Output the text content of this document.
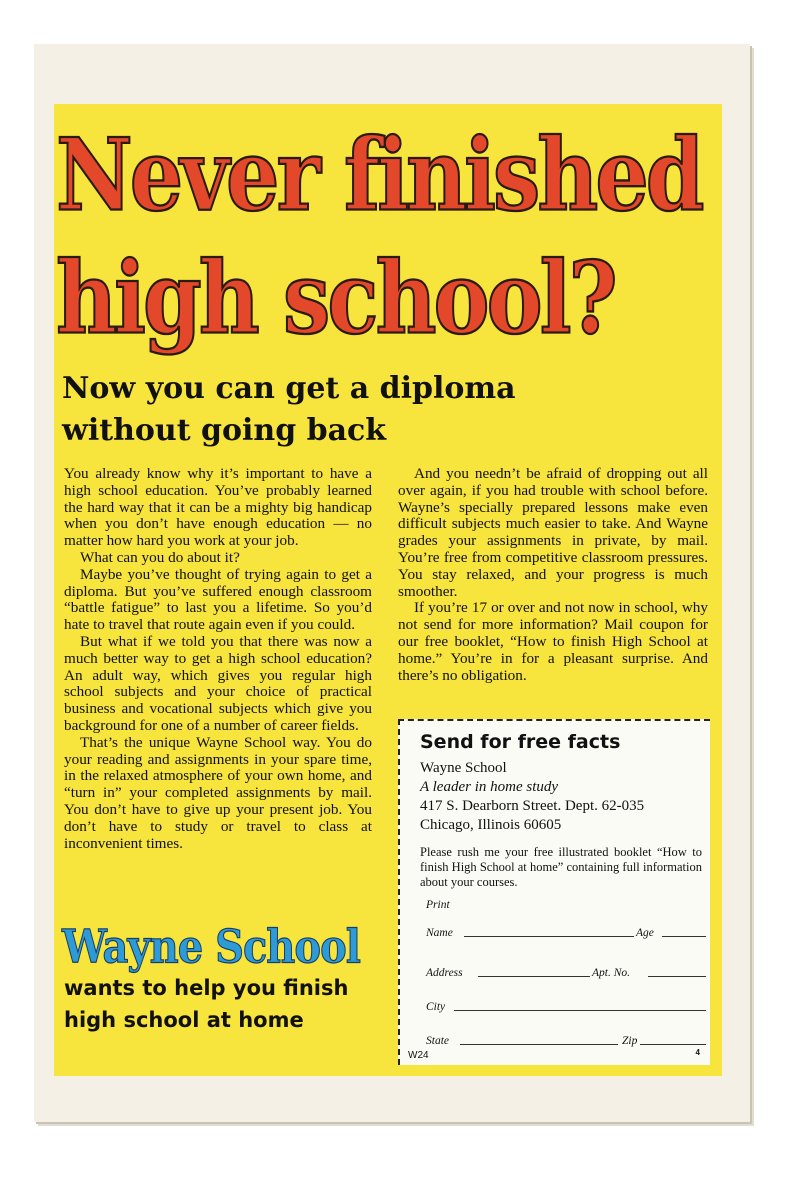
Never finished
high school?
Now you can get a diploma
without going back

You already know why it’s important to have a high school education. You’ve probably learned the hard way that it can be a mighty big handicap when you don’t have enough education — no matter how hard you work at your job.

What can you do about it?

Maybe you’ve thought of trying again to get a diploma. But you’ve suffered enough classroom “battle fatigue” to last you a lifetime. So you’d hate to travel that route again even if you could.

But what if we told you that there was now a much better way to get a high school education? An adult way, which gives you regular high school subjects and your choice of practical business and vocational subjects which give you background for one of a number of career fields.

That’s the unique Wayne School way. You do your reading and assignments in your spare time, in the relaxed atmosphere of your own home, and “turn in” your completed assignments by mail. You don’t have to give up your present job. You don’t have to study or travel to class at inconvenient times.

And you needn’t be afraid of dropping out all over again, if you had trouble with school before. Wayne’s specially prepared lessons make even difficult subjects much easier to take. And Wayne grades your assignments in private, by mail. You’re free from competitive classroom pressures. You stay relaxed, and your progress is much smoother.

If you’re 17 or over and not now in school, why not send for more information? Mail coupon for our free booklet, “How to finish High School at home.” You’re in for a pleasant surprise. And there’s no obligation.

Wayne School
wants to help you finish
high school at home
Send for free facts
Wayne School
A leader in home study
417 S. Dearborn Street. Dept. 62-035
Chicago, Illinois 60605
Please rush me your free illustrated booklet “How to finish High School at home” containing full information about your courses.
Print
Name	Age
Address	Apt. No.
City
State	Zip
W24	4
